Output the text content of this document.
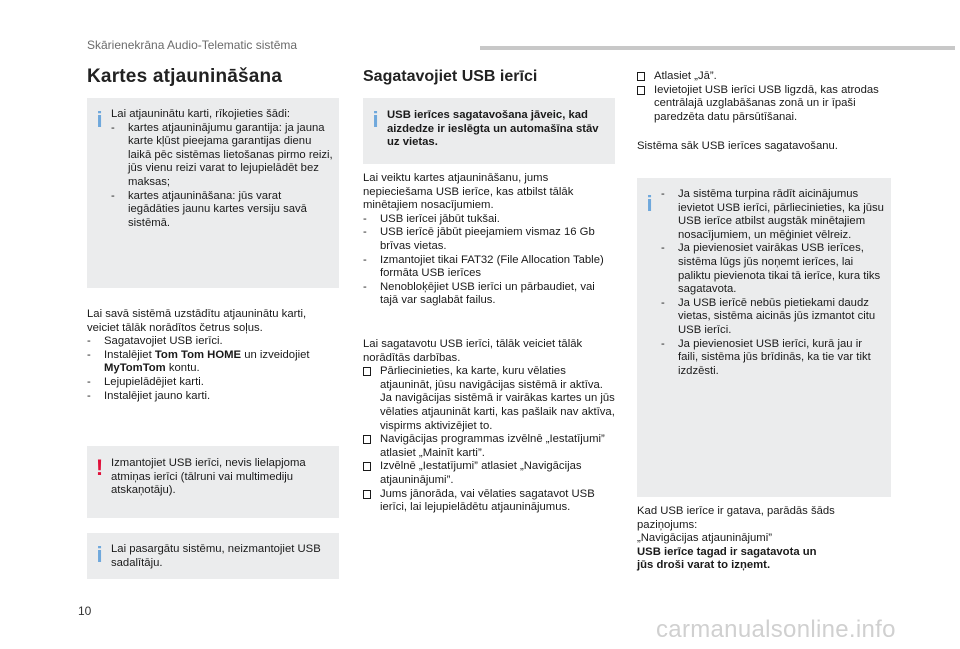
Skārienekrāna Audio-Telematic sistēma
Kartes atjaunināšana
i Lai atjauninātu karti, rīkojieties šādi:

- kartes atjauninājumu garantija: ja jauna karte kļūst pieejama garantijas dienu laikā pēc sistēmas lietošanas pirmo reizi, jūs vienu reizi varat to lejupielādēt bez maksas;
- kartes atjaunināšana: jūs varat iegādāties jaunu kartes versiju savā sistēmā.

Lai savā sistēmā uzstādītu atjauninātu karti, veiciet tālāk norādītos četrus soļus.

- Sagatavojiet USB ierīci.
- Instalējiet Tom Tom HOME un izveidojiet MyTomTom kontu.
- Lejupielādējiet karti.
- Instalējiet jauno karti.
! Izmantojiet USB ierīci, nevis lielapjoma atmiņas ierīci (tālruni vai multimediju atskaņotāju).
i Lai pasargātu sistēmu, neizmantojiet USB sadalītāju.
Sagatavojiet USB ierīci
i USB ierīces sagatavošana jāveic, kad aizdedze ir ieslēgta un automašīna stāv uz vietas.

Lai veiktu kartes atjaunināšanu, jums nepieciešama USB ierīce, kas atbilst tālāk minētajiem nosacījumiem.

- USB ierīcei jābūt tukšai.
- USB ierīcē jābūt pieejamiem vismaz 16 Gb brīvas vietas.
- Izmantojiet tikai FAT32 (File Allocation Table) formāta USB ierīces
- Nenobloķējiet USB ierīci un pārbaudiet, vai tajā var saglabāt failus.

Lai sagatavotu USB ierīci, tālāk veiciet tālāk norādītās darbības.

Pārliecinieties, ka karte, kuru vēlaties atjaunināt, jūsu navigācijas sistēmā ir aktīva.
Ja navigācijas sistēmā ir vairākas kartes un jūs vēlaties atjaunināt karti, kas pašlaik nav aktīva, vispirms aktivizējiet to.
Navigācijas programmas izvēlnē „Iestatījumi” atlasiet „Mainīt karti”.
Izvēlnē „Iestatījumi” atlasiet „Navigācijas atjauninājumi”.
Jums jānorāda, vai vēlaties sagatavot USB ierīci, lai lejupielādētu atjauninājumus.
Atlasiet „Jā”.
Ievietojiet USB ierīci USB ligzdā, kas atrodas centrālajā uzglabāšanas zonā un ir īpaši paredzēta datu pārsūtīšanai.
Sistēma sāk USB ierīces sagatavošanu.
i - Ja sistēma turpina rādīt aicinājumus ievietot USB ierīci, pārliecinieties, ka jūsu USB ierīce atbilst augstāk minētajiem nosacījumiem, un mēģiniet vēlreiz.
- Ja pievienosiet vairākas USB ierīces, sistēma lūgs jūs noņemt ierīces, lai paliktu pievienota tikai tā ierīce, kura tiks sagatavota.
- Ja USB ierīcē nebūs pietiekami daudz vietas, sistēma aicinās jūs izmantot citu USB ierīci.
- Ja pievienosiet USB ierīci, kurā jau ir faili, sistēma jūs brīdinās, ka tie var tikt izdzēsti.

Kad USB ierīce ir gatava, parādās šāds paziņojums:

„Navigācijas atjauninājumi”

USB ierīce tagad ir sagatavota un

jūs droši varat to izņemt.

10
carmanualsonline.info
